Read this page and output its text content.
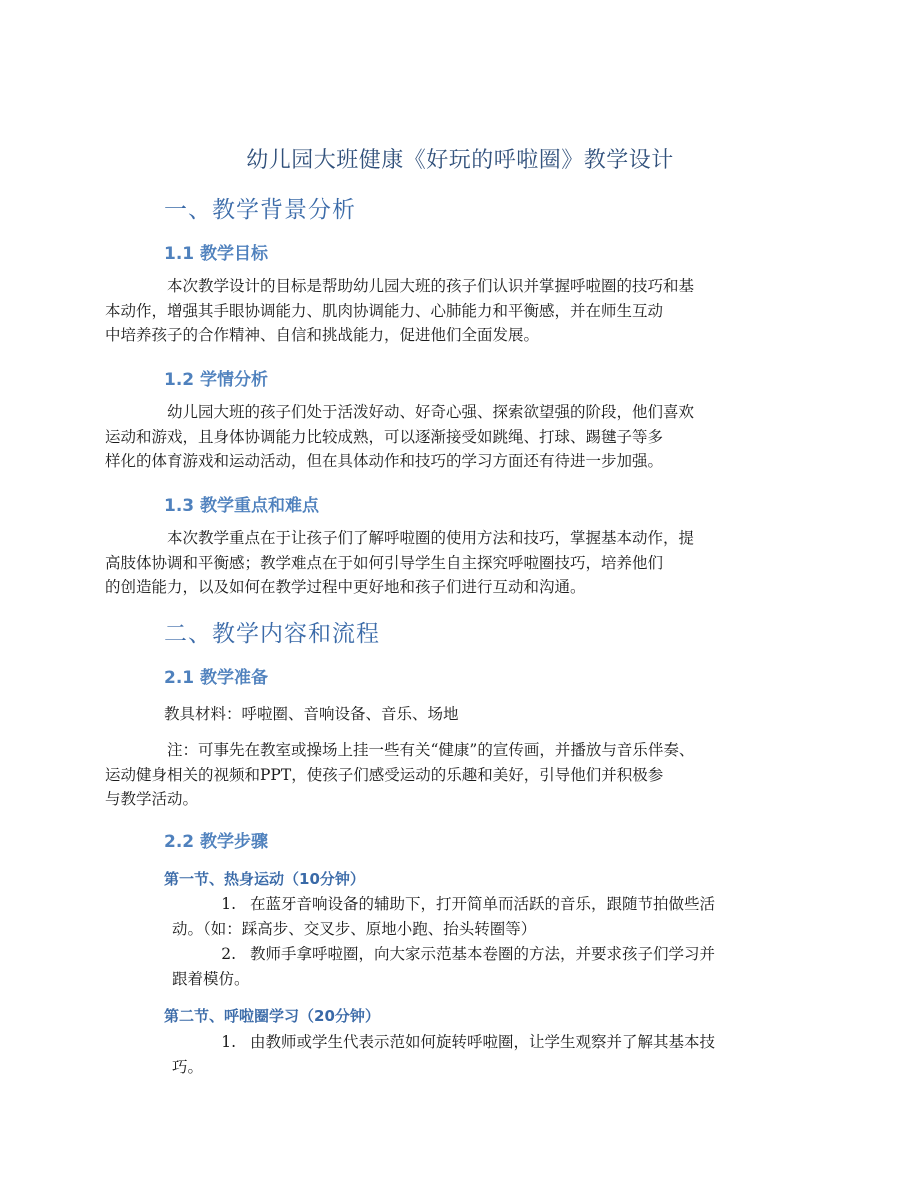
幼儿园大班健康《好玩的呼啦圈》教学设计
一、教学背景分析
1.1 教学目标
本次教学设计的目标是帮助幼儿园大班的孩子们认识并掌握呼啦圈的技巧和基
本动作，增强其手眼协调能力、肌肉协调能力、心肺能力和平衡感，并在师生互动
中培养孩子的合作精神、自信和挑战能力，促进他们全面发展。
1.2 学情分析
幼儿园大班的孩子们处于活泼好动、好奇心强、探索欲望强的阶段，他们喜欢
运动和游戏，且身体协调能力比较成熟，可以逐渐接受如跳绳、打球、踢毽子等多
样化的体育游戏和运动活动，但在具体动作和技巧的学习方面还有待进一步加强。
1.3 教学重点和难点
本次教学重点在于让孩子们了解呼啦圈的使用方法和技巧，掌握基本动作，提
高肢体协调和平衡感；教学难点在于如何引导学生自主探究呼啦圈技巧，培养他们
的创造能力，以及如何在教学过程中更好地和孩子们进行互动和沟通。
二、教学内容和流程
2.1 教学准备
教具材料：呼啦圈、音响设备、音乐、场地
注：可事先在教室或操场上挂一些有关“健康”的宣传画，并播放与音乐伴奏、
运动健身相关的视频和PPT，使孩子们感受运动的乐趣和美好，引导他们并积极参
与教学活动。
2.2 教学步骤
第一节、热身运动（10分钟）
1. 在蓝牙音响设备的辅助下，打开简单而活跃的音乐，跟随节拍做些活

动。（如：踩高步、交叉步、原地小跑、抬头转圈等）
2. 教师手拿呼啦圈，向大家示范基本卷圈的方法，并要求孩子们学习并

跟着模仿。
第二节、呼啦圈学习（20分钟）
1. 由教师或学生代表示范如何旋转呼啦圈，让学生观察并了解其基本技

巧。
